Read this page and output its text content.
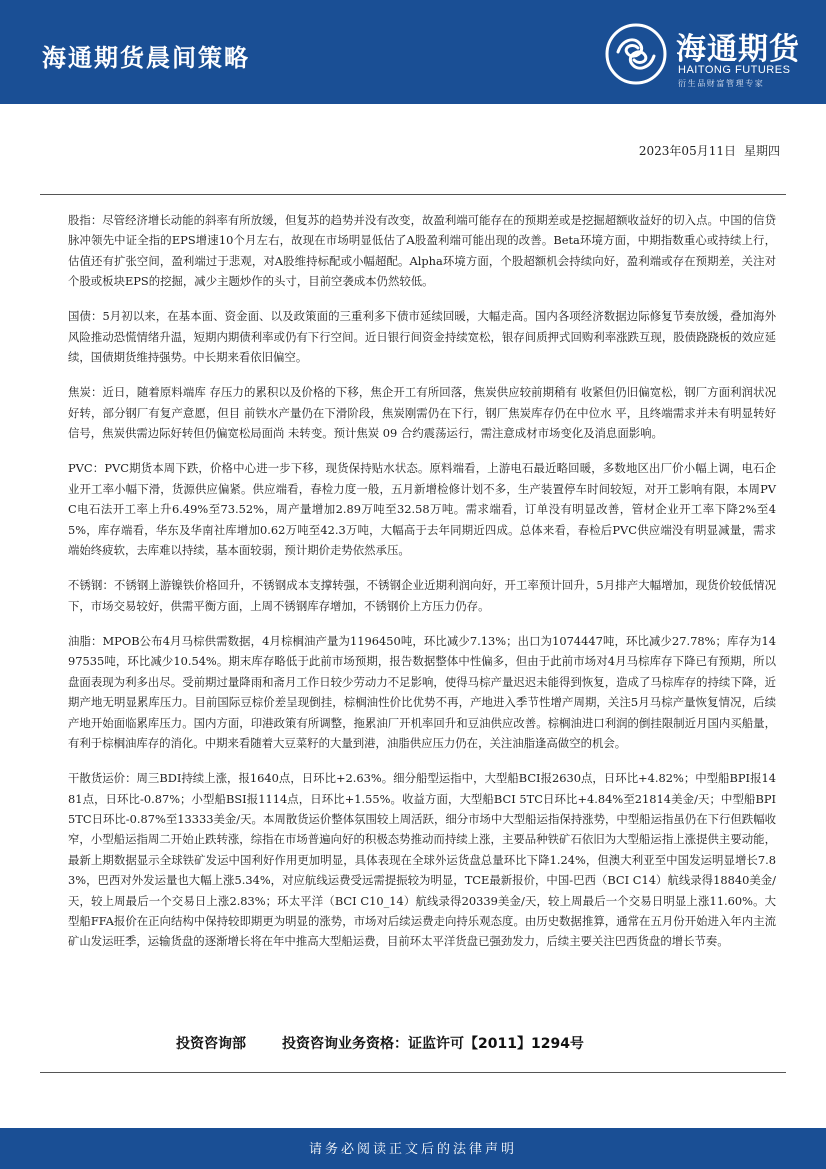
海通期货晨间策略	海通期货
HAITONG FUTURES
衍生品财富管理专家
2023年05月11日 星期四

股指：尽管经济增长动能的斜率有所放缓，但复苏的趋势并没有改变，故盈利端可能存在的预期差或是挖掘超额收益好的切入点。中国的信贷脉冲领先中证全指的EPS增速10个月左右，故现在市场明显低估了A股盈利端可能出现的改善。Beta环境方面，中期指数重心或持续上行，估值还有扩张空间，盈利端过于悲观，对A股维持标配或小幅超配。Alpha环境方面，个股超额机会持续向好，盈利端或存在预期差，关注对个股或板块EPS的挖掘，减少主题炒作的头寸，目前空袭成本仍然较低。

国债：5月初以来，在基本面、资金面、以及政策面的三重利多下债市延续回暖，大幅走高。国内各项经济数据边际修复节奏放缓，叠加海外风险推动恐慌情绪升温，短期内期债利率或仍有下行空间。近日银行间资金持续宽松，银存间质押式回购利率涨跌互现，股债跷跷板的效应延续，国债期货维持强势。中长期来看依旧偏空。

焦炭：近日，随着原料端库 存压力的累积以及价格的下移，焦企开工有所回落，焦炭供应较前期稍有 收紧但仍旧偏宽松，钢厂方面利润状况好转，部分钢厂有复产意愿，但目 前铁水产量仍在下滑阶段，焦炭刚需仍在下行，钢厂焦炭库存仍在中位水 平，且终端需求并未有明显转好信号，焦炭供需边际好转但仍偏宽松局面尚 未转变。预计焦炭 09 合约震荡运行，需注意成材市场变化及消息面影响。

PVC：PVC期货本周下跌，价格中心进一步下移，现货保持贴水状态。原料端看，上游电石最近略回暖，多数地区出厂价小幅上调，电石企业开工率小幅下滑，货源供应偏紧。供应端看，春检力度一般，五月新增检修计划不多，生产装置停车时间较短，对开工影响有限，本周PVC电石法开工率上升6.49%至73.52%，周产量增加2.89万吨至32.58万吨。需求端看，订单没有明显改善，管材企业开工率下降2%至45%，库存端看，华东及华南社库增加0.62万吨至42.3万吨，大幅高于去年同期近四成。总体来看，春检后PVC供应端没有明显减量，需求端始终疲软，去库难以持续，基本面较弱，预计期价走势依然承压。

不锈钢：不锈钢上游镍铁价格回升，不锈钢成本支撑转强，不锈钢企业近期利润向好，开工率预计回升，5月排产大幅增加，现货价较低情况下，市场交易较好，供需平衡方面，上周不锈钢库存增加，不锈钢价上方压力仍存。

油脂：MPOB公布4月马棕供需数据，4月棕榈油产量为1196450吨，环比减少7.13%；出口为1074447吨，环比减少27.78%；库存为1497535吨，环比减少10.54%。期末库存略低于此前市场预期，报告数据整体中性偏多，但由于此前市场对4月马棕库存下降已有预期，所以盘面表现为利多出尽。受前期过量降雨和斋月工作日较少劳动力不足影响，使得马棕产量迟迟未能得到恢复，造成了马棕库存的持续下降，近期产地无明显累库压力。目前国际豆棕价差呈现倒挂，棕榈油性价比优势不再，产地进入季节性增产周期，关注5月马棕产量恢复情况，后续产地开始面临累库压力。国内方面，印港政策有所调整，拖累油厂开机率回升和豆油供应改善。棕榈油进口利润的倒挂限制近月国内买船量，有利于棕榈油库存的消化。中期来看随着大豆菜籽的大量到港，油脂供应压力仍在，关注油脂逢高做空的机会。

干散货运价：周三BDI持续上涨，报1640点，日环比+2.63%。细分船型运指中，大型船BCI报2630点，日环比+4.82%；中型船BPI报1481点，日环比-0.87%；小型船BSI报1114点，日环比+1.55%。收益方面，大型船BCI 5TC日环比+4.84%至21814美金/天；中型船BPI 5TC日环比-0.87%至13333美金/天。本周散货运价整体氛围较上周活跃，细分市场中大型船运指保持涨势，中型船运指虽仍在下行但跌幅收窄，小型船运指周二开始止跌转涨，综指在市场普遍向好的积极态势推动而持续上涨，主要品种铁矿石依旧为大型船运指上涨提供主要动能，最新上期数据显示全球铁矿发运中国利好作用更加明显，具体表现在全球外运货盘总量环比下降1.24%，但澳大利亚至中国发运明显增长7.83%，巴西对外发运量也大幅上涨5.34%，对应航线运费受远需提振较为明显，TCE最新报价，中国-巴西（BCI C14）航线录得18840美金/天，较上周最后一个交易日上涨2.83%；环太平洋（BCI C10_14）航线录得20339美金/天，较上周最后一个交易日明显上涨11.60%。大型船FFA报价在正向结构中保持较即期更为明显的涨势，市场对后续运费走向持乐观态度。由历史数据推算，通常在五月份开始进入年内主流矿山发运旺季，运输货盘的逐渐增长将在年中推高大型船运费，目前环太平洋货盘已强劲发力，后续主要关注巴西货盘的增长节奏。

投资咨询部	投资咨询业务资格：证监许可【2011】1294号
请务必阅读正文后的法律声明
